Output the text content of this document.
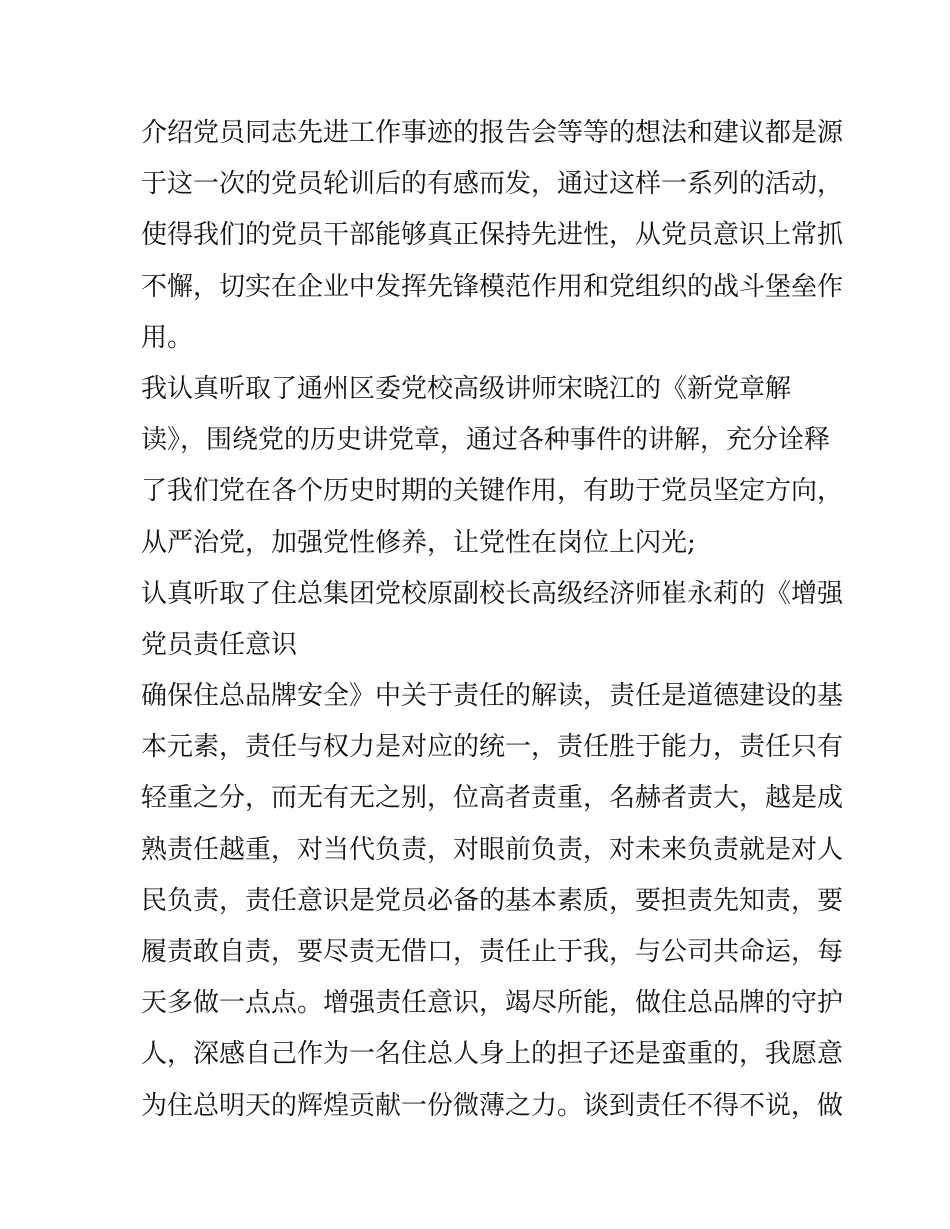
介绍党员同志先进工作事迹的报告会等等的想法和建议都是源
于这一次的党员轮训后的有感而发，通过这样一系列的活动，
使得我们的党员干部能够真正保持先进性，从党员意识上常抓
不懈，切实在企业中发挥先锋模范作用和党组织的战斗堡垒作
用。
我认真听取了通州区委党校高级讲师宋晓江的《新党章解
读》，围绕党的历史讲党章，通过各种事件的讲解，充分诠释
了我们党在各个历史时期的关键作用，有助于党员坚定方向，
从严治党，加强党性修养，让党性在岗位上闪光;
认真听取了住总集团党校原副校长高级经济师崔永莉的《增强
党员责任意识
确保住总品牌安全》中关于责任的解读，责任是道德建设的基
本元素，责任与权力是对应的统一，责任胜于能力，责任只有
轻重之分，而无有无之别，位高者责重，名赫者责大，越是成
熟责任越重，对当代负责，对眼前负责，对未来负责就是对人
民负责，责任意识是党员必备的基本素质，要担责先知责，要
履责敢自责，要尽责无借口，责任止于我，与公司共命运，每
天多做一点点。增强责任意识，竭尽所能，做住总品牌的守护
人，深感自己作为一名住总人身上的担子还是蛮重的，我愿意
为住总明天的辉煌贡献一份微薄之力。谈到责任不得不说，做
